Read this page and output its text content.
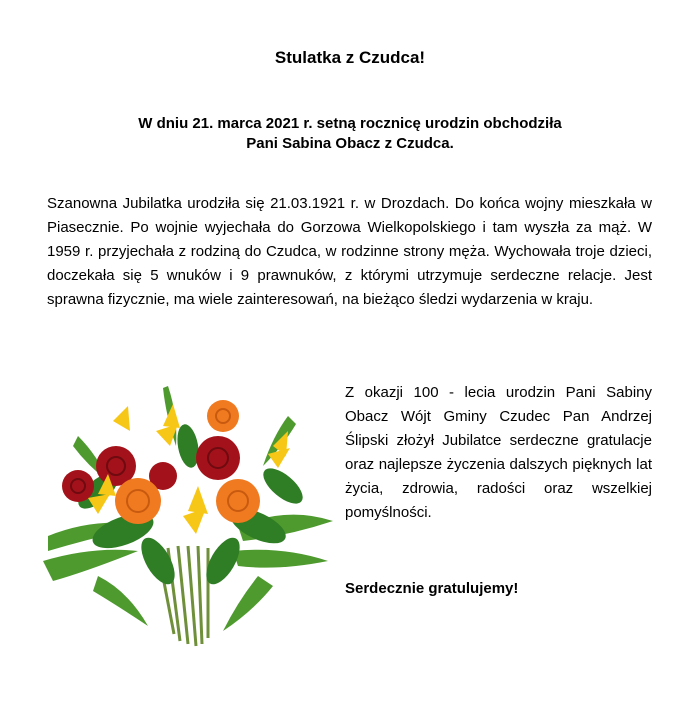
Stulatka z Czudca!
W dniu 21. marca 2021 r. setną rocznicę urodzin obchodziła
Pani Sabina Obacz z Czudca.
Szanowna Jubilatka urodziła się 21.03.1921 r. w Drozdach. Do końca wojny mieszkała w Piasecznie. Po wojnie wyjechała do Gorzowa Wielkopolskiego i tam wyszła za mąż. W 1959 r. przyjechała z rodziną do Czudca, w rodzinne strony męża. Wychowała troje dzieci, doczekała się 5 wnuków i 9 prawnuków, z którymi utrzymuje serdeczne relacje. Jest sprawna fizycznie, ma wiele zainteresowań, na bieżąco śledzi wydarzenia w kraju.
Z okazji 100 - lecia urodzin Pani Sabiny Obacz Wójt Gminy Czudec Pan Andrzej Ślipski złożył Jubilatce serdeczne gratulacje oraz najlepsze życzenia dalszych pięknych lat życia, zdrowia, radości oraz wszelkiej pomyślności.
Serdecznie gratulujemy!
